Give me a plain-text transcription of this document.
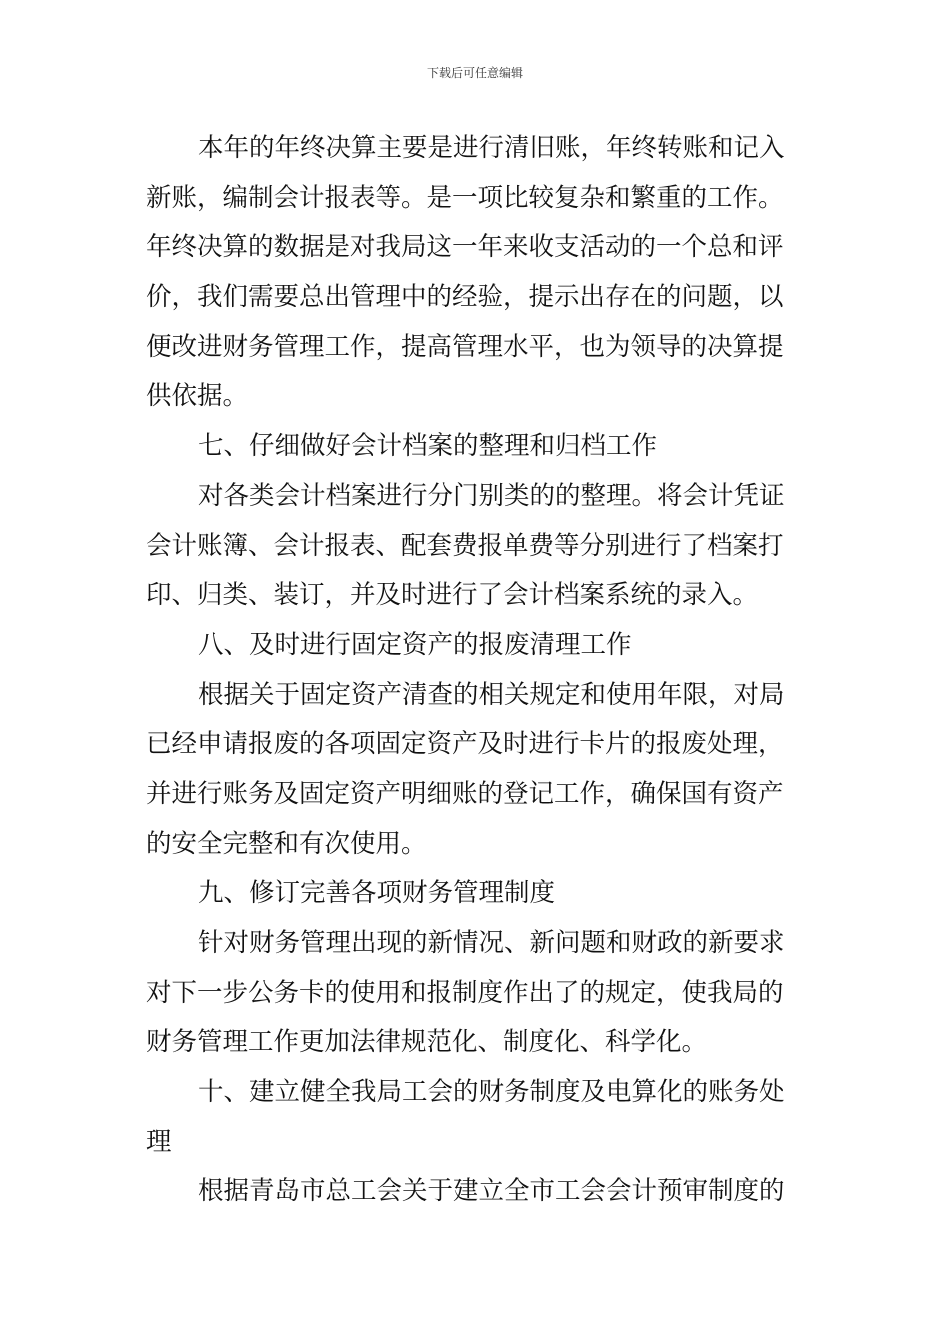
下载后可任意编辑
本年的年终决算主要是进行清旧账，年终转账和记入
新账，编制会计报表等。是一项比较复杂和繁重的工作。
年终决算的数据是对我局这一年来收支活动的一个总和评
价，我们需要总出管理中的经验，提示出存在的问题，以
便改进财务管理工作，提高管理水平，也为领导的决算提
供依据。
七、仔细做好会计档案的整理和归档工作
对各类会计档案进行分门别类的的整理。将会计凭证
会计账簿、会计报表、配套费报单费等分别进行了档案打
印、归类、装订，并及时进行了会计档案系统的录入。
八、及时进行固定资产的报废清理工作
根据关于固定资产清查的相关规定和使用年限，对局
已经申请报废的各项固定资产及时进行卡片的报废处理，
并进行账务及固定资产明细账的登记工作，确保国有资产
的安全完整和有次使用。
九、修订完善各项财务管理制度
针对财务管理出现的新情况、新问题和财政的新要求
对下一步公务卡的使用和报制度作出了的规定，使我局的
财务管理工作更加法律规范化、制度化、科学化。
十、建立健全我局工会的财务制度及电算化的账务处
理
根据青岛市总工会关于建立全市工会会计预审制度的
